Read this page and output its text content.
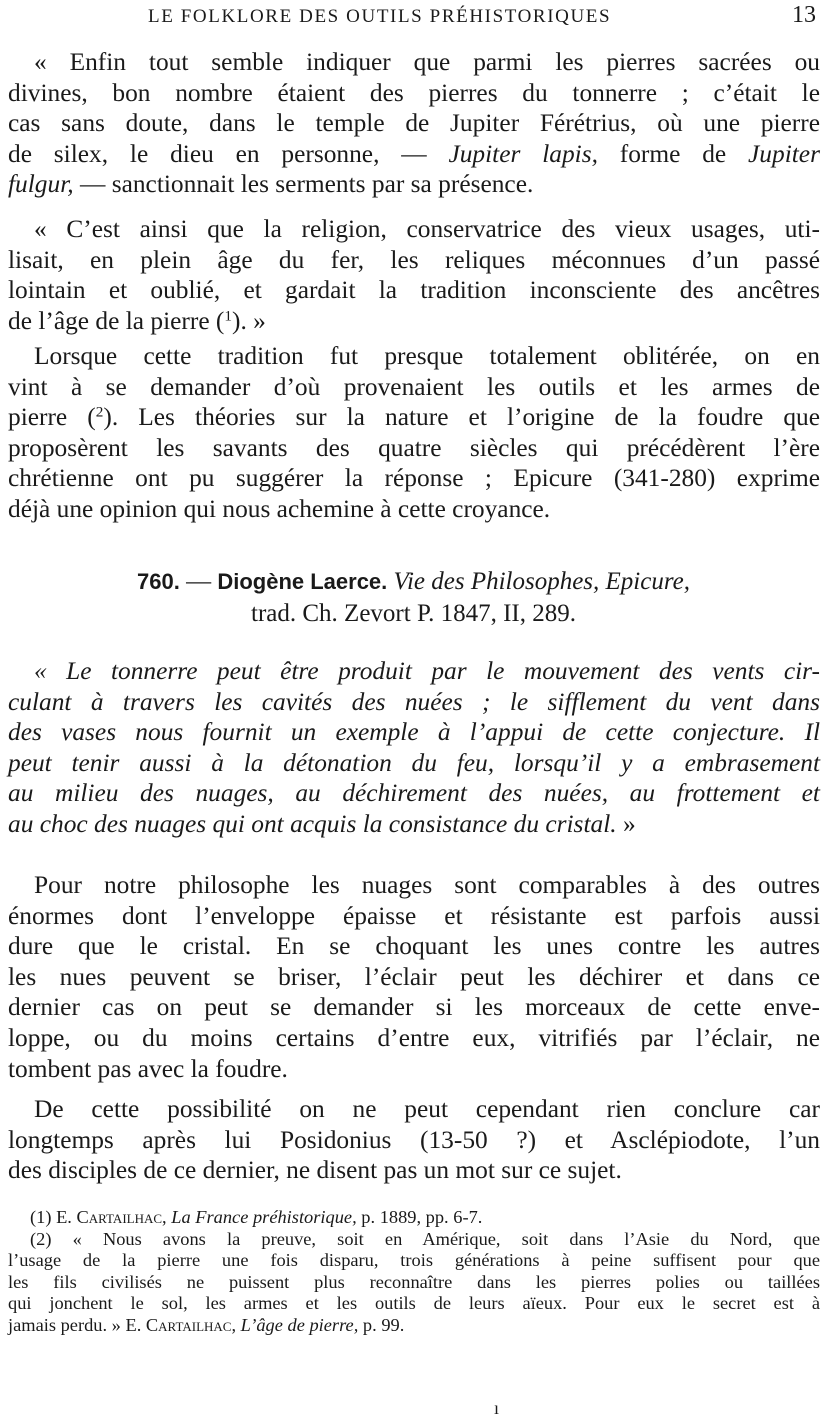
LE FOLKLORE DES OUTILS PRÉHISTORIQUES	13
« Enfin tout semble indiquer que parmi les pierres sacrées ou
divines, bon nombre étaient des pierres du tonnerre ; c’était le
cas sans doute, dans le temple de Jupiter Férétrius, où une pierre
de silex, le dieu en personne, — Jupiter lapis, forme de Jupiter
fulgur, — sanctionnait les serments par sa présence.
« C’est ainsi que la religion, conservatrice des vieux usages, uti-
lisait, en plein âge du fer, les reliques méconnues d’un passé
lointain et oublié, et gardait la tradition inconsciente des ancêtres
de l’âge de la pierre ($^1$). »
Lorsque cette tradition fut presque totalement oblitérée, on en
vint à se demander d’où provenaient les outils et les armes de
pierre ($^2$). Les théories sur la nature et l’origine de la foudre que
proposèrent les savants des quatre siècles qui précédèrent l’ère
chrétienne ont pu suggérer la réponse ; Epicure (341-280) exprime
déjà une opinion qui nous achemine à cette croyance.
760. — Diogène Laerce. Vie des Philosophes, Epicure,
trad. Ch. Zevort P. 1847, II, 289.
« Le tonnerre peut être produit par le mouvement des vents cir-
culant à travers les cavités des nuées ; le sifflement du vent dans
des vases nous fournit un exemple à l’appui de cette conjecture. Il
peut tenir aussi à la détonation du feu, lorsqu’il y a embrasement
au milieu des nuages, au déchirement des nuées, au frottement et
au choc des nuages qui ont acquis la consistance du cristal. »
Pour notre philosophe les nuages sont comparables à des outres
énormes dont l’enveloppe épaisse et résistante est parfois aussi
dure que le cristal. En se choquant les unes contre les autres
les nues peuvent se briser, l’éclair peut les déchirer et dans ce
dernier cas on peut se demander si les morceaux de cette enve-
loppe, ou du moins certains d’entre eux, vitrifiés par l’éclair, ne
tombent pas avec la foudre.
De cette possibilité on ne peut cependant rien conclure car
longtemps après lui Posidonius (13-50 ?) et Asclépiodote, l’un
des disciples de ce dernier, ne disent pas un mot sur ce sujet.
(1) E. Cartailhac, La France préhistorique, p. 1889, pp. 6-7.
(2) « Nous avons la preuve, soit en Amérique, soit dans l’Asie du Nord, que
l’usage de la pierre une fois disparu, trois générations à peine suffisent pour que
les fils civilisés ne puissent plus reconnaître dans les pierres polies ou taillées
qui jonchent le sol, les armes et les outils de leurs aïeux. Pour eux le secret est à
jamais perdu. » E. Cartailhac, L’âge de pierre, p. 99.
ı
